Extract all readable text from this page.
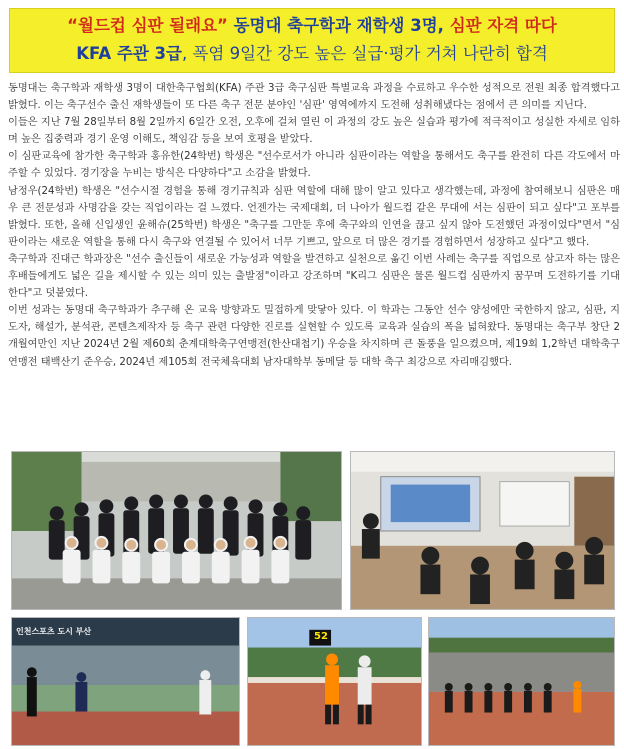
“월드컵 심판 될래요” 동명대 축구학과 재학생 3명, 심판 자격 따다
KFA 주관 3급, 폭염 9일간 강도 높은 실급·평가 거쳐 나란히 합격

동명대는 축구학과 재학생 3명이 대한축구협회(KFA) 주관 3급 축구심판 특별교육 과정을 수료하고 우수한 성적으로 전원 최종 합격했다고 밝혔다. 이는 축구선수 출신 재학생들이 또 다른 축구 전문 분야인 '심판' 영역에까지 도전해 성취해냈다는 점에서 큰 의미를 지닌다.

이들은 지난 7월 28일부터 8월 2일까지 6일간 오전, 오후에 걸쳐 열린 이 과정의 강도 높은 실습과 평가에 적극적이고 성실한 자세로 임하며 높은 집중력과 경기 운영 이해도, 책임감 등을 보여 호평을 받았다.

이 심판교육에 참가한 축구학과 홍유한(24학번) 학생은 "선수로서가 아니라 심판이라는 역할을 통해서도 축구를 완전히 다른 각도에서 마주할 수 있었다. 경기장을 누비는 방식은 다양하다"고 소감을 밝혔다.

남정우(24학번) 학생은 "선수시절 경험을 통해 경기규칙과 심판 역할에 대해 많이 알고 있다고 생각했는데, 과정에 참여해보니 심판은 매우 큰 전문성과 사명감을 갖는 직업이라는 걸 느꼈다. 언젠가는 국제대회, 더 나아가 월드컵 같은 무대에 서는 심판이 되고 싶다"고 포부를 밝혔다. 또한, 올해 신입생인 윤해슈(25학번) 학생은 "축구를 그만둔 후에 축구와의 인연을 끊고 싶지 않아 도전했던 과정이었다"면서 "심판이라는 새로운 역할을 통해 다시 축구와 연결될 수 있어서 너무 기쁘고, 앞으로 더 많은 경기를 경험하면서 성장하고 싶다"고 했다.

축구학과 진대근 학과장은 "선수 출신들이 새로운 가능성과 역할을 발견하고 실천으로 옮긴 이번 사례는 축구를 직업으로 삼고자 하는 많은 후배들에게도 넓은 길을 제시할 수 있는 의미 있는 출발점"이라고 강조하며 "K리그 심판은 물론 월드컵 심판까지 꿈꾸며 도전하기를 기대한다"고 덧붙였다.

이번 성과는 동명대 축구학과가 추구해 온 교육 방향과도 밀접하게 맞닿아 있다. 이 학과는 그동안 선수 양성에만 국한하지 않고, 심판, 지도자, 해설가, 분석관, 콘텐츠제작자 등 축구 관련 다양한 진로를 실현할 수 있도록 교육과 실습의 폭을 넓혀왔다. 동명대는 축구부 창단 2개월여만인 지난 2024년 2월 제60회 춘계대학축구연맹전(한산대첩기) 우승을 차지하며 큰 돌풍을 일으켰으며, 제19회 1,2학년 대학축구연맹전 태백산기 준우승, 2024년 제105회 전국체육대회 남자대학부 동메달 등 대학 축구 최강으로 자리매김했다.

인천스포츠 도시 부산	52
